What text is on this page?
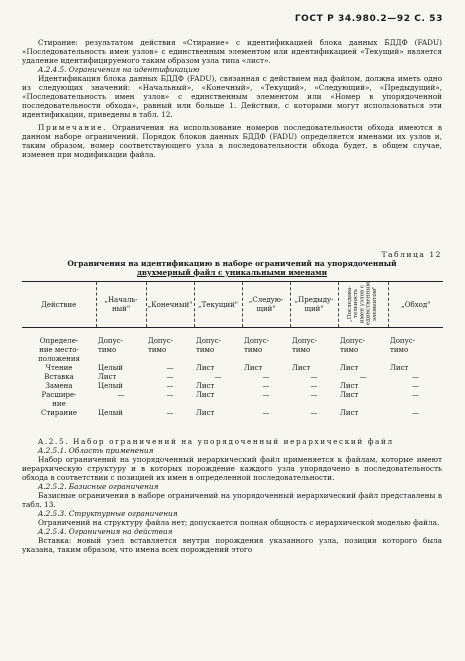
ГОСТ Р 34.980.2—92 С. 53

Стирание: результатом действия «Стирание» с идентификацией блока данных БДДФ (FADU) «Последовательность имен узлов» с единственным элементом или идентификацией «Текущий» является удаление идентифицируемого таким образом узла типа «лист».

A.2.4.5. Ограничения на идентификацию

Идентификация блока данных БДДФ (FADU), связанная с действием над файлом, должна иметь одно из следующих значений: «Начальный», «Конечный», «Текущий», «Следующий», «Предыдущий», «Последовательность имен узлов» с единственным элементом или «Номер в упорядоченной последовательности обхода», равный или больше 1. Действия, с которыми могут использоваться эти идентификации, приведены в табл. 12.

Примечание. Ограничения на использование номеров последовательности обхода имеются в данном наборе ограничений. Порядок блоков данных БДДФ (FADU) определяется именами их узлов и, таким образом, номер соответствующего узла в последовательности обхода будет, в общем случае, изменен при модификации файла.

Таблица 12
Ограничения на идентификацию в наборе ограничений на упорядоченный
двухмерный файл с уникальными именами
Действие	„Началь-ный"	„Конечный"	„Текущий"	„Следую-щий"	„Предыду-щий"	„Последова-тельность имен узлов с единственным элементом"	„Обход"

Определе-	Допус-	Допус-	Допус-	Допус-	Допус-	Допус-	Допус-
ние место-	тимо	тимо	тимо	тимо	тимо	тимо	тимо
положения							
Чтение	Целый	—	Лист	Лист	Лист	Лист	Лист
Вставка	Лист	—	—	—	—	—	—
Замена	Целый	—	Лист	—	—	Лист	—
Расшире-	—	—	Лист	—	—	Лист	—
ние							
Стирание	Целый	—	Лист	—	—	Лист	—

A.2.5. Набор ограничений на упорядоченный иерархический файл

A.2.5.1. Область применения

Набор ограничений на упорядоченный иерархический файл применяется к файлам, которые имеют иерархическую структуру и в которых порождение каждого узла упорядочено в последовательность обхода в соответствии с позицией их имен в определенной последовательности.

A.2.5.2. Базисные ограничения

Базисные ограничения в наборе ограничений на упорядоченный иерархический файл представлены в табл. 13.

A.2.5.3. Структурные ограничения

Ограничений на структуру файла нет; допускается полная общность с иерархической моделью файла.

A.2.5.4. Ограничения на действия

Вставка: новый узел вставляется внутри порождения указанного узла, позиция которого была указана, таким образом, что имена всех порождений этого
